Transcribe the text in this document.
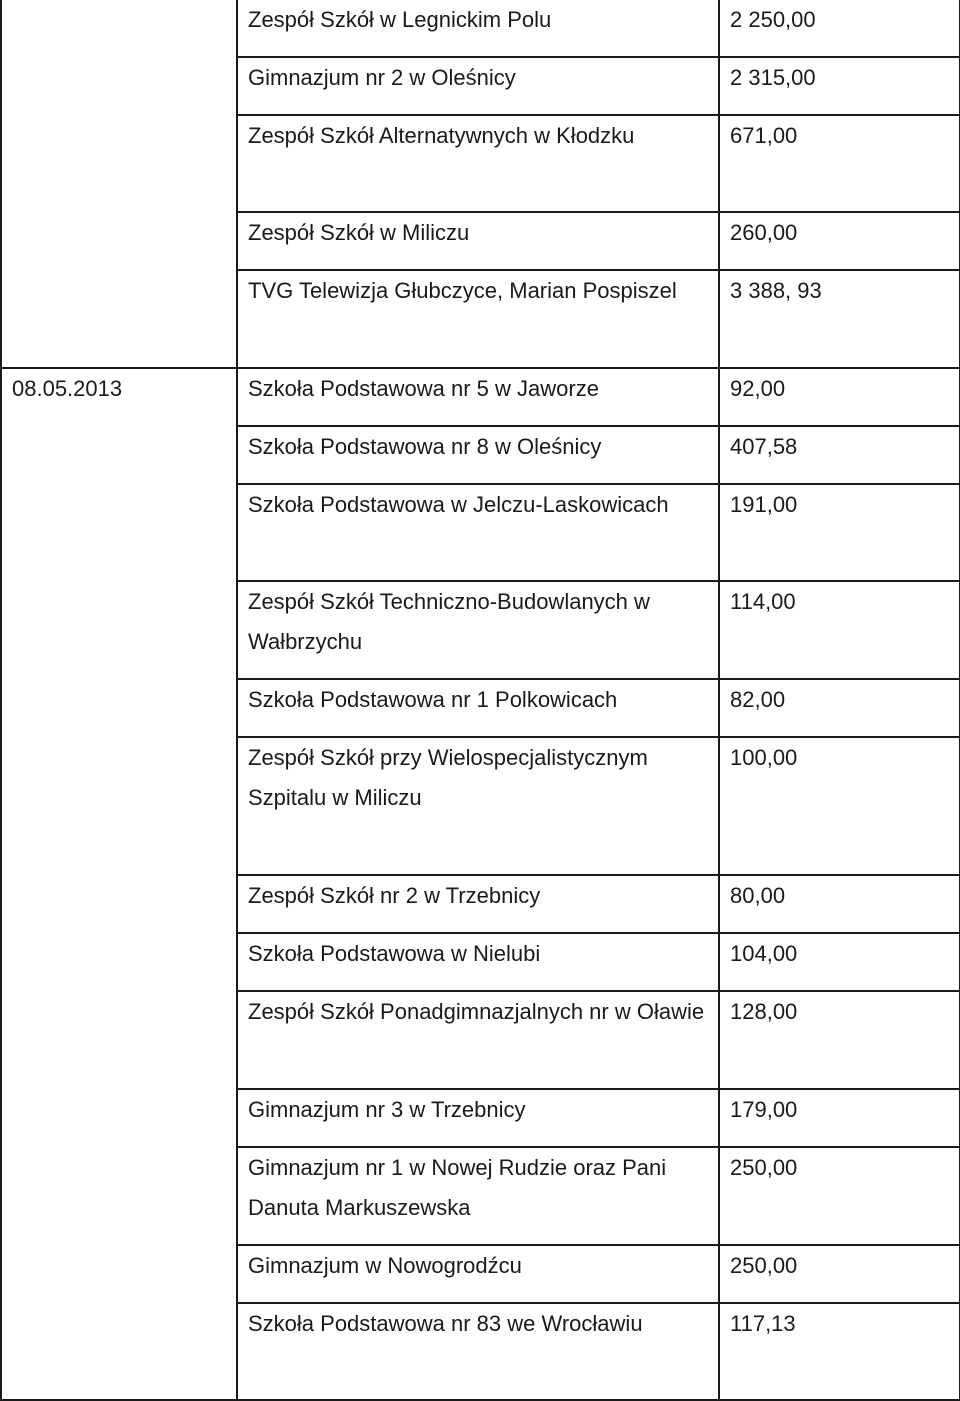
	Zespół Szkół w Legnickim Polu	2 250,00
	Gimnazjum nr 2 w Oleśnicy	2 315,00
	Zespół Szkół Alternatywnych w Kłodzku	671,00
	Zespół Szkół w Miliczu	260,00
	TVG Telewizja Głubczyce, Marian Pospiszel	3 388, 93
08.05.2013	Szkoła Podstawowa nr 5 w Jaworze	92,00
	Szkoła Podstawowa nr 8 w Oleśnicy	407,58
	Szkoła Podstawowa w Jelczu-Laskowicach	191,00
	Zespół Szkół Techniczno-Budowlanych w Wałbrzychu	114,00
	Szkoła Podstawowa nr 1 Polkowicach	82,00
	Zespół Szkół przy Wielospecjalistycznym Szpitalu w Miliczu	100,00
	Zespół Szkół nr 2 w Trzebnicy	80,00
	Szkoła Podstawowa w Nielubi	104,00
	Zespół Szkół Ponadgimnazjalnych nr w Oławie	128,00
	Gimnazjum nr 3 w Trzebnicy	179,00
	Gimnazjum nr 1 w Nowej Rudzie oraz Pani Danuta Markuszewska	250,00
	Gimnazjum w Nowogrodźcu	250,00
	Szkoła Podstawowa nr 83 we Wrocławiu	117,13
